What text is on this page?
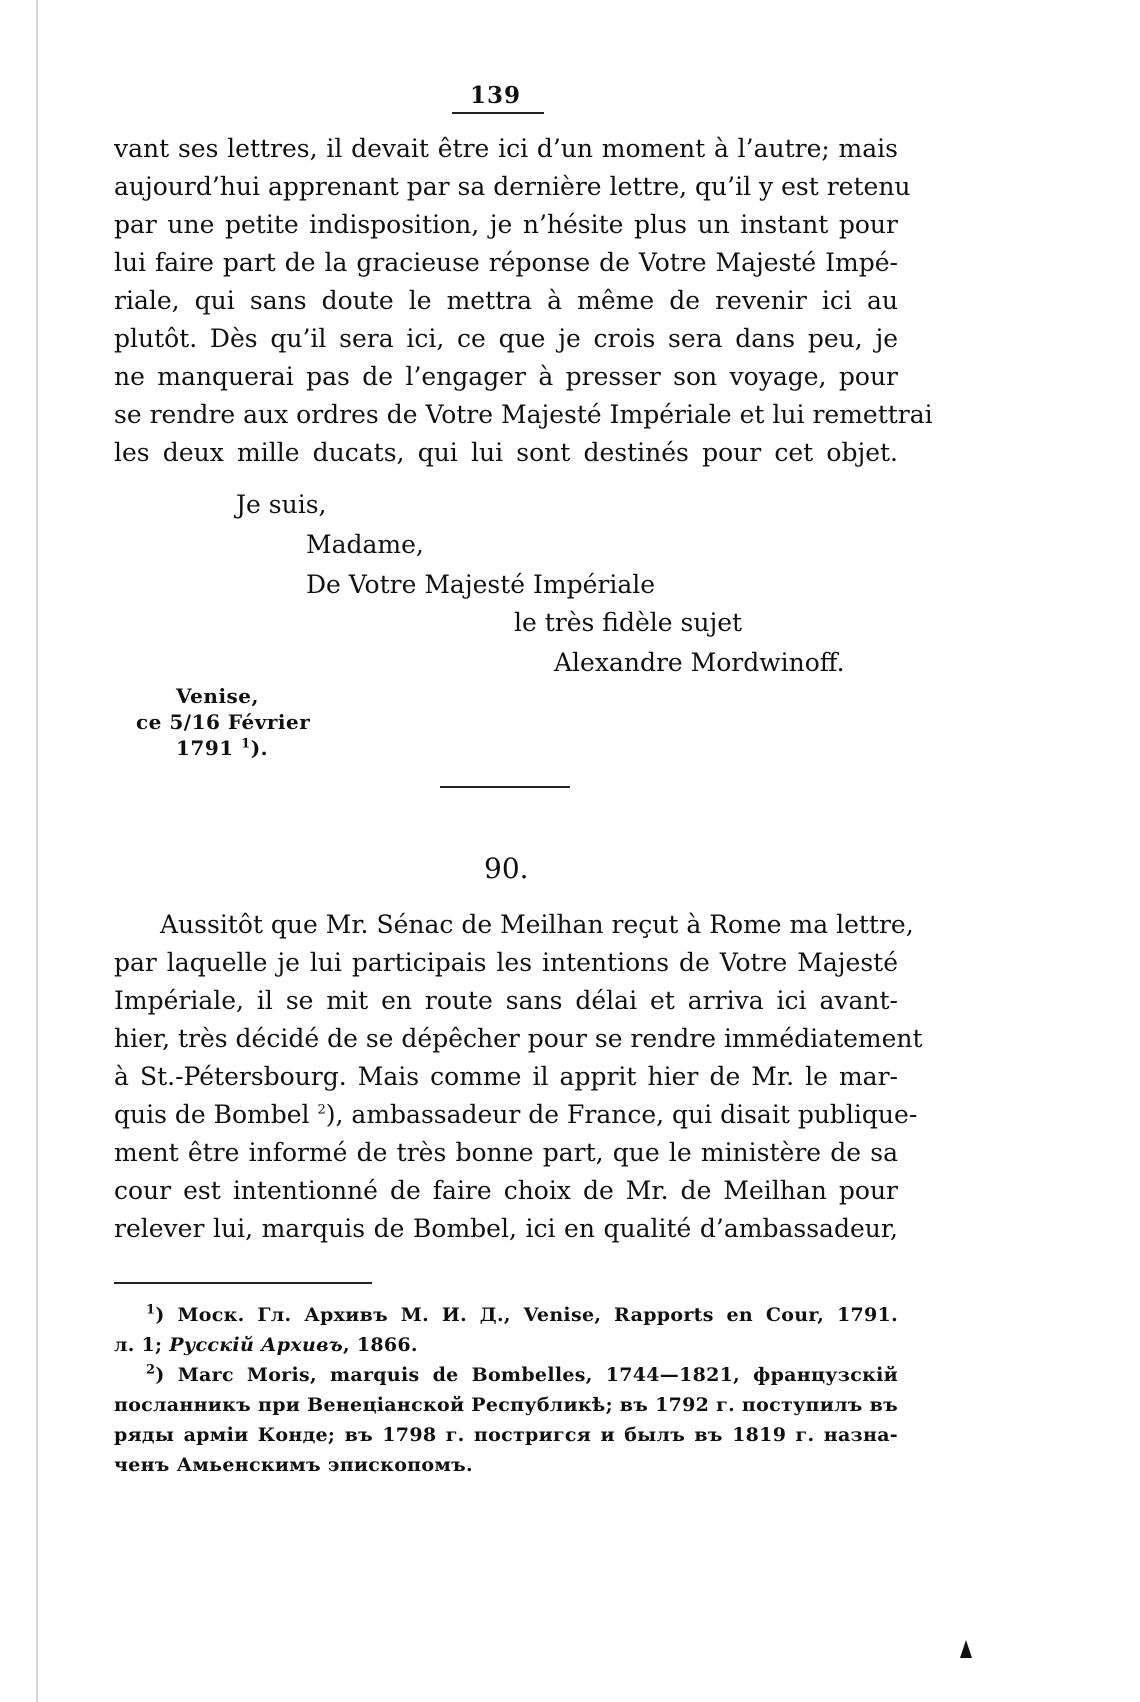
139
vant ses lettres, il devait être ici d’un moment à l’autre; mais
aujourd’hui apprenant par sa dernière lettre, qu’il y est retenu
par une petite indisposition, je n’hésite plus un instant pour
lui faire part de la gracieuse réponse de Votre Majesté Impé-
riale, qui sans doute le mettra à même de revenir ici au
plutôt. Dès qu’il sera ici, ce que je crois sera dans peu, je
ne manquerai pas de l’engager à presser son voyage, pour
se rendre aux ordres de Votre Majesté Impériale et lui remettrai
les deux mille ducats, qui lui sont destinés pour cet objet.
Je suis,
Madame,
De Votre Majesté Impériale
le très fidèle sujet
Alexandre Mordwinoff.
Venise,
ce 5/16 Février
1791 $^1$).
90.
Aussitôt que Mr. Sénac de Meilhan reçut à Rome ma lettre,
par laquelle je lui participais les intentions de Votre Majesté
Impériale, il se mit en route sans délai et arriva ici avant-
hier, très décidé de se dépêcher pour se rendre immédiatement
à St.-Pétersbourg. Mais comme il apprit hier de Mr. le mar-
quis de Bombel $^2$), ambassadeur de France, qui disait publique-
ment être informé de très bonne part, que le ministère de sa
cour est intentionné de faire choix de Mr. de Meilhan pour
relever lui, marquis de Bombel, ici en qualité d’ambassadeur,
$^1$) Моск. Гл. Архивъ М. И. Д., Venise, Rapports en Cour, 1791.
л. 1; Русскій Архивъ, 1866.
$^2$) Marc Moris, marquis de Bombelles, 1744—1821, французскій
посланникъ при Венеціанской Республикѣ; въ 1792 г. поступилъ въ
ряды арміи Конде; въ 1798 г. постригся и былъ въ 1819 г. назна-
ченъ Амьенскимъ эпископомъ.
